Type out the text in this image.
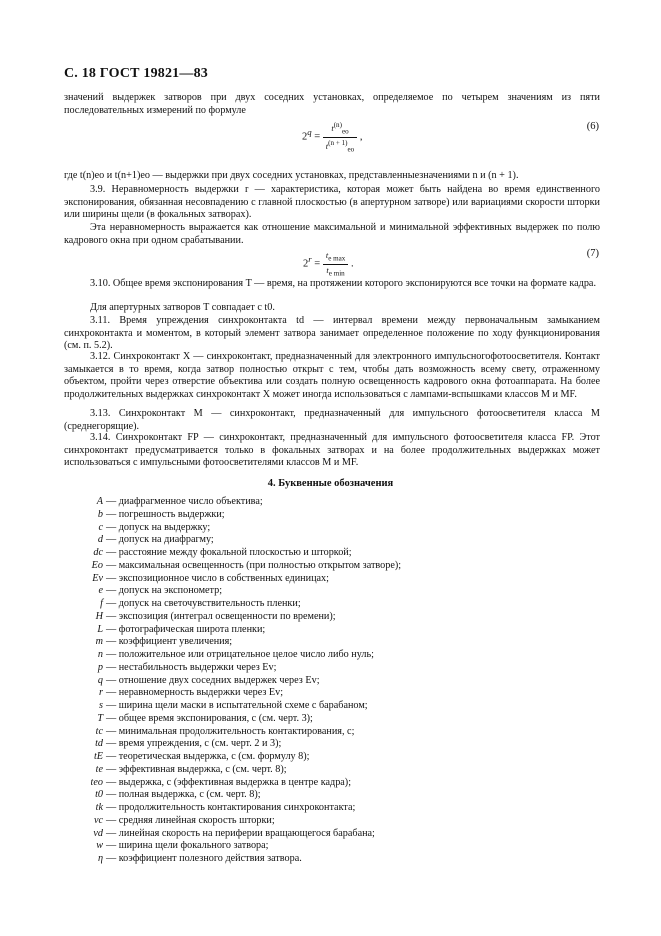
С. 18 ГОСТ 19821—83
значений выдержек затворов при двух соседних установках, определяемое по четырем значениям из пяти последовательных измерений по формуле
$2^q = \frac{t^{(n)}_{eo}}{t^{(n + 1)}_{eo}}$ ,
(6)
где t(n)eo и t(n+1)eo — выдержки при двух соседних установках, представленныезначениями n и (n + 1).
3.9. Неравномерность выдержки r — характеристика, которая может быть найдена во время единственного экспонирования, обязанная несовпадению с главной плоскостью (в апертурном затворе) или вариациями скорости шторки или ширины щели (в фокальных затворах).
Эта неравномерность выражается как отношение максимальной и минимальной эффективных выдержек по полю кадрового окна при одном срабатывании.
$2^r = \frac{t_{e max}}{t_{e min}}$ .
(7)
3.10. Общее время экспонирования T — время, на протяжении которого экспонируются все точки на формате кадра.
Для апертурных затворов T совпадает с t0.
3.11. Время упреждения синхроконтакта td — интервал времени между первоначальным замыканием синхроконтакта и моментом, в который элемент затвора занимает определенное положение по ходу функционирования (см. п. 5.2).
3.12. Синхроконтакт X — синхроконтакт, предназначенный для электронного импульсногофотоосветителя. Контакт замыкается в то время, когда затвор полностью открыт с тем, чтобы дать возможность всему свету, отраженному объектом, пройти через отверстие объектива или создать полную освещенность кадрового окна фотоаппарата. На более продолжительных выдержках синхроконтакт X может иногда использоваться с лампами-вспышками классов M и MF.
3.13. Синхроконтакт M — синхроконтакт, предназначенный для импульсного фотоосветителя класса M (среднегорящие).
3.14. Синхроконтакт FP — синхроконтакт, предназначенный для импульсного фотоосветителя класса FP. Этот синхроконтакт предусматривается только в фокальных затворах и на более продолжительных выдержках может использоваться с импульсными фотоосветителями классов M и MF.
4. Буквенные обозначения
A — диафрагменное число объектива;
b — погрешность выдержки;
c — допуск на выдержку;
d — допуск на диафрагму;
dc — расстояние между фокальной плоскостью и шторкой;
Eo — максимальная освещенность (при полностью открытом затворе);
Ev — экспозиционное число в собственных единицах;
e — допуск на экспонометр;
f — допуск на светочувствительность пленки;
H — экспозиция (интеграл освещенности по времени);
L — фотографическая широта пленки;
m — коэффициент увеличения;
n — положительное или отрицательное целое число либо нуль;
p — нестабильность выдержки через Ev;
q — отношение двух соседних выдержек через Ev;
r — неравномерность выдержки через Ev;
s — ширина щели маски в испытательной схеме с барабаном;
T — общее время экспонирования, с (см. черт. 3);
tc — минимальная продолжительность контактирования, с;
td — время упреждения, с (см. черт. 2 и 3);
tE — теоретическая выдержка, с (см. формулу 8);
te — эффективная выдержка, с (см. черт. 8);
teo — выдержка, с (эффективная выдержка в центре кадра);
t0 — полная выдержка, с (см. черт. 8);
tk — продолжительность контактирования синхроконтакта;
vc — средняя линейная скорость шторки;
vd — линейная скорость на периферии вращающегося барабана;
w — ширина щели фокального затвора;
η — коэффициент полезного действия затвора.
